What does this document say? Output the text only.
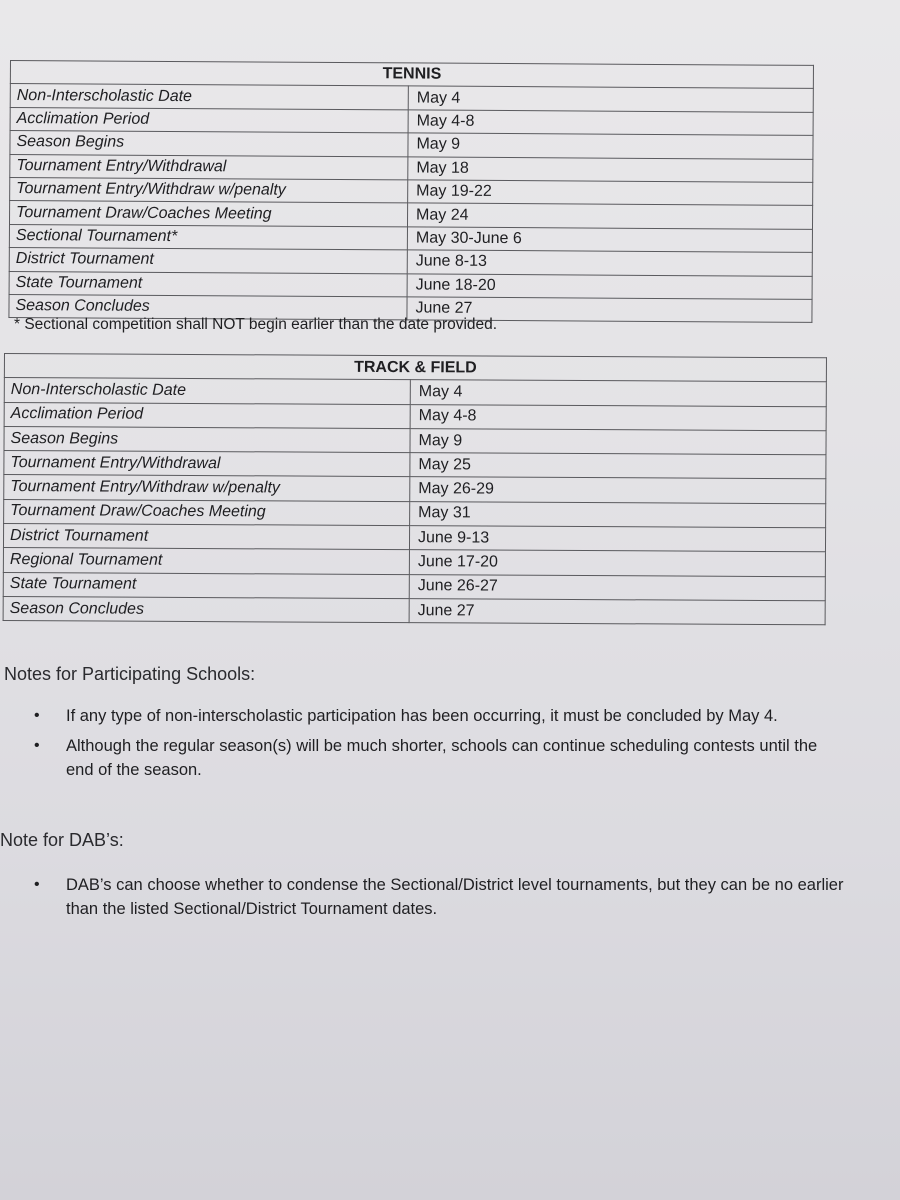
TENNIS	
Non-Interscholastic Date	May 4
Acclimation Period	May 4-8
Season Begins	May 9
Tournament Entry/Withdrawal	May 18
Tournament Entry/Withdraw w/penalty	May 19-22
Tournament Draw/Coaches Meeting	May 24
Sectional Tournament*	May 30-June 6
District Tournament	June 8-13
State Tournament	June 18-20
Season Concludes	June 27
* Sectional competition shall NOT begin earlier than the date provided.
TRACK & FIELD	
Non-Interscholastic Date	May 4
Acclimation Period	May 4-8
Season Begins	May 9
Tournament Entry/Withdrawal	May 25
Tournament Entry/Withdraw w/penalty	May 26-29
Tournament Draw/Coaches Meeting	May 31
District Tournament	June 9-13
Regional Tournament	June 17-20
State Tournament	June 26-27
Season Concludes	June 27
Notes for Participating Schools:
• If any type of non-interscholastic participation has been occurring, it must be concluded by May 4.
• Although the regular season(s) will be much shorter, schools can continue scheduling contests until the end of the season.
Note for DAB’s:
• DAB’s can choose whether to condense the Sectional/District level tournaments, but they can be no earlier than the listed Sectional/District Tournament dates.
